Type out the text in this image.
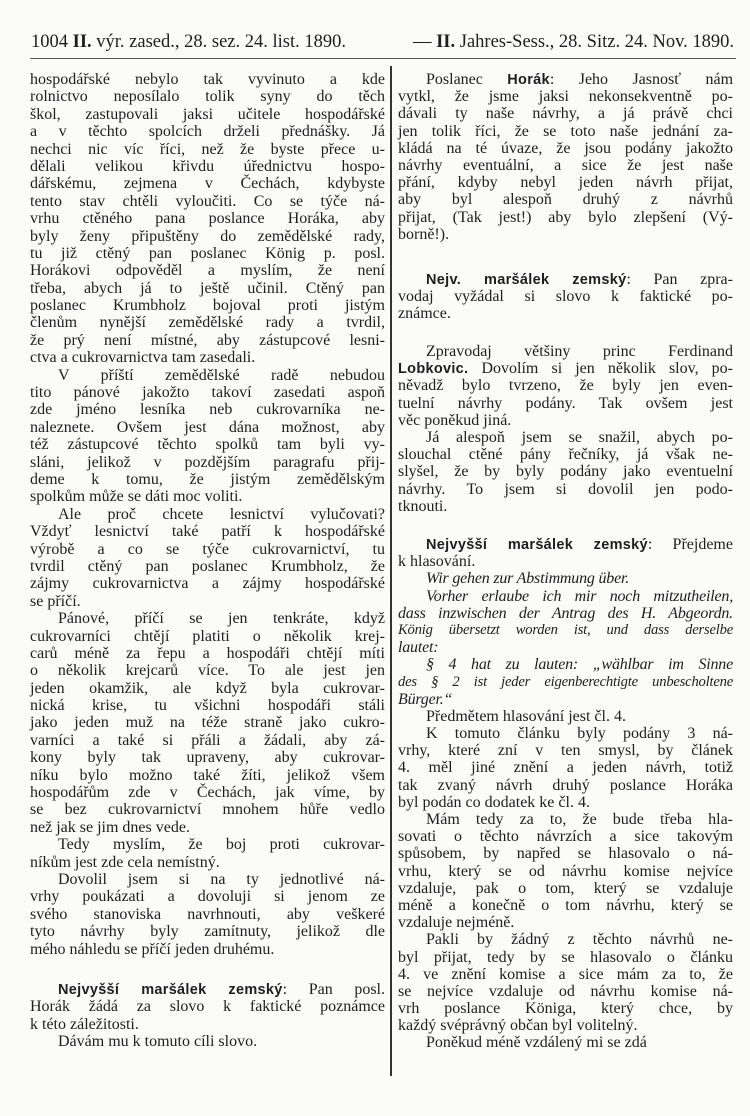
1004 II. výr. zased., 28. sez. 24. list. 1890.	— II. Jahres-Sess., 28. Sitz. 24. Nov. 1890.
hospodářské nebylo tak vyvinuto a kde
rolnictvo neposílalo tolik syny do těch
škol, zastupovali jaksi učitele hospodářské
a v těchto spolcích drželi přednášky. Já
nechci nic víc říci, než že byste přece u-
dělali velikou křivdu úřednictvu hospo-
dářskému, zejmena v Čechách, kdybyste
tento stav chtěli vyloučiti. Co se týče ná-
vrhu ctěného pana poslance Horáka, aby
byly ženy připuštěny do zemědělské rady,
tu již ctěný pan poslanec König p. posl.
Horákovi odpověděl a myslím, že není
třeba, abych já to ještě učinil. Ctěný pan
poslanec Krumbholz bojoval proti jistým
členům nynější zemědělské rady a tvrdil,
že prý není místné, aby zástupcové lesni-
ctva a cukrovarnictva tam zasedali.
V příští zemědělské radě nebudou
tito pánové jakožto takoví zasedati aspoň
zde jméno lesníka neb cukrovarníka ne-
naleznete. Ovšem jest dána možnost, aby
též zástupcové těchto spolků tam byli vy-
sláni, jelikož v pozdějším paragrafu přij-
deme k tomu, že jistým zemědělským
spolkům může se dáti moc voliti.
Ale proč chcete lesnictví vylučovati?
Vždyť lesnictví také patří k hospodářské
výrobě a co se týče cukrovarnictví, tu
tvrdil ctěný pan poslanec Krumbholz, že
zájmy cukrovarnictva a zájmy hospodářské
se příčí.
Pánové, příčí se jen tenkráte, když
cukrovarníci chtějí platiti o několik krej-
carů méně za řepu a hospodáři chtějí míti
o několik krejcarů více. To ale jest jen
jeden okamžik, ale když byla cukrovar-
nická krise, tu všichni hospodáři stáli
jako jeden muž na téže straně jako cukro-
varníci a také si přáli a žádali, aby zá-
kony byly tak upraveny, aby cukrovar-
níku bylo možno také žíti, jelikož všem
hospodářům zde v Čechách, jak víme, by
se bez cukrovarnictví mnohem hůře vedlo
než jak se jim dnes vede.
Tedy myslím, že boj proti cukrovar-
níkům jest zde cela nemístný.
Dovolil jsem si na ty jednotlivé ná-
vrhy poukázati a dovoluji si jenom ze
svého stanoviska navrhnouti, aby veškeré
tyto návrhy byly zamítnuty, jelikož dle
mého náhledu se příčí jeden druhému.
Nejvyšší maršálek zemský: Pan posl.
Horák žádá za slovo k faktické poznámce
k této záležitosti.
Dávám mu k tomuto cíli slovo.
Poslanec Horák: Jeho Jasnosť nám
vytkl, že jsme jaksi nekonsekventně po-
dávali ty naše návrhy, a já právě chci
jen tolik říci, že se toto naše jednání za-
kládá na té úvaze, že jsou podány jakožto
návrhy eventuální, a sice že jest naše
přání, kdyby nebyl jeden návrh přijat,
aby byl alespoň druhý z návrhů
přijat, (Tak jest!) aby bylo zlepšení (Vý-
borně!).
Nejv. maršálek zemský: Pan zpra-
vodaj vyžádal si slovo k faktické po-
známce.
Zpravodaj většiny princ Ferdinand
Lobkovic. Dovolím si jen několik slov, po-
něvadž bylo tvrzeno, že byly jen even-
tuelní návrhy podány. Tak ovšem jest
věc poněkud jiná.
Já alespoň jsem se snažil, abych po-
slouchal ctěné pány řečníky, já však ne-
slyšel, že by byly podány jako eventuelní
návrhy. To jsem si dovolil jen podo-
tknouti.
Nejvyšší maršálek zemský: Přejdeme
k hlasování.
Wir gehen zur Abstimmung über.
Vorher erlaube ich mir noch mitzutheilen,
dass inzwischen der Antrag des H. Abgeordn.
König übersetzt worden ist, und dass derselbe
lautet:
§ 4 hat zu lauten: „wählbar im Sinne
des § 2 ist jeder eigenberechtigte unbescholtene
Bürger.“
Předmětem hlasování jest čl. 4.
K tomuto článku byly podány 3 ná-
vrhy, které zní v ten smysl, by článek
4. měl jiné znění a jeden návrh, totiž
tak zvaný návrh druhý poslance Horáka
byl podán co dodatek ke čl. 4.
Mám tedy za to, že bude třeba hla-
sovati o těchto návrzích a sice takovým
spůsobem, by napřed se hlasovalo o ná-
vrhu, který se od návrhu komise nejvíce
vzdaluje, pak o tom, který se vzdaluje
méně a konečně o tom návrhu, který se
vzdaluje nejméně.
Pakli by žádný z těchto návrhů ne-
byl přijat, tedy by se hlasovalo o článku
4. ve znění komise a sice mám za to, že
se nejvíce vzdaluje od návrhu komise ná-
vrh poslance Königa, který chce, by
každý svéprávný občan byl volitelný.
Poněkud méně vzdálený mi se zdá
